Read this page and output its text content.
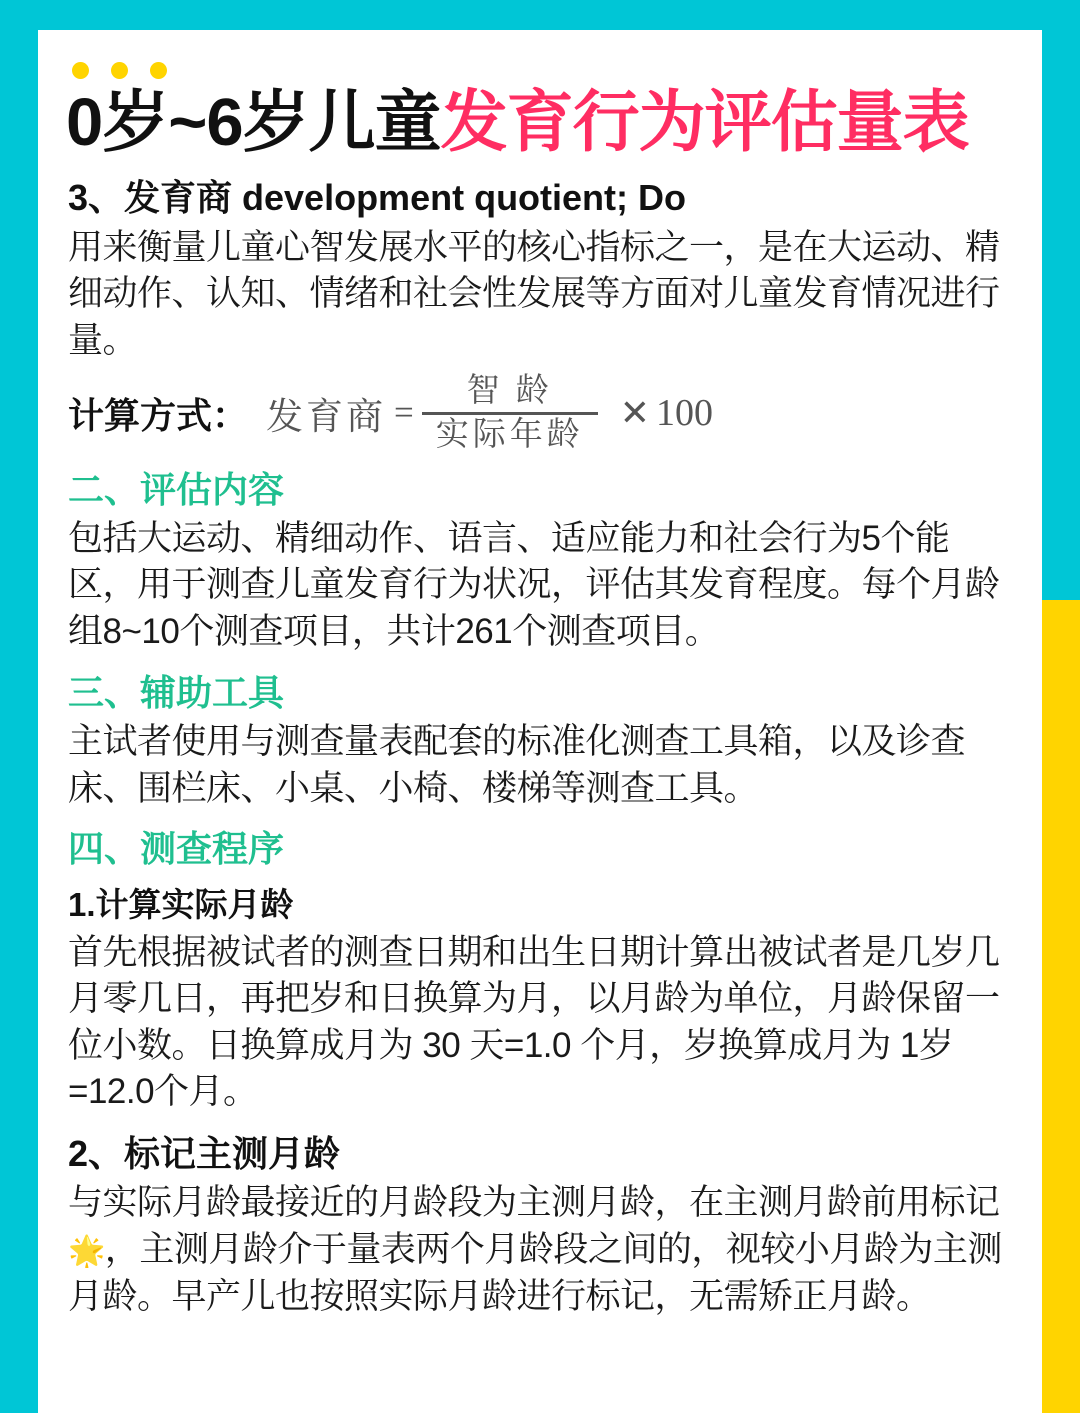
0岁~6岁儿童发育行为评估量表
3、发育商 development quotient; Do
用来衡量儿童心智发展水平的核心指标之一，是在大运动、精细动作、认知、情绪和社会性发展等方面对儿童发育情况进行量。
计算方式： 发育商 = $\frac{\text{智 龄}}{\text{实际年龄}}$ ✕ 100
二、评估内容
包括大运动、精细动作、语言、适应能力和社会行为5个能区，用于测查儿童发育行为状况，评估其发育程度。每个月龄组8~10个测查项目，共计261个测查项目。
三、辅助工具
主试者使用与测查量表配套的标准化测查工具箱，以及诊查床、围栏床、小桌、小椅、楼梯等测查工具。
四、测查程序
1.计算实际月龄
首先根据被试者的测查日期和出生日期计算出被试者是几岁几月零几日，再把岁和日换算为月，以月龄为单位，月龄保留一位小数。日换算成月为 30 天=1.0 个月，岁换算成月为 1岁=12.0个月。
2、标记主测月龄
与实际月龄最接近的月龄段为主测月龄，在主测月龄前用标记🌟，主测月龄介于量表两个月龄段之间的，视较小月龄为主测月龄。早产儿也按照实际月龄进行标记，无需矫正月龄。
